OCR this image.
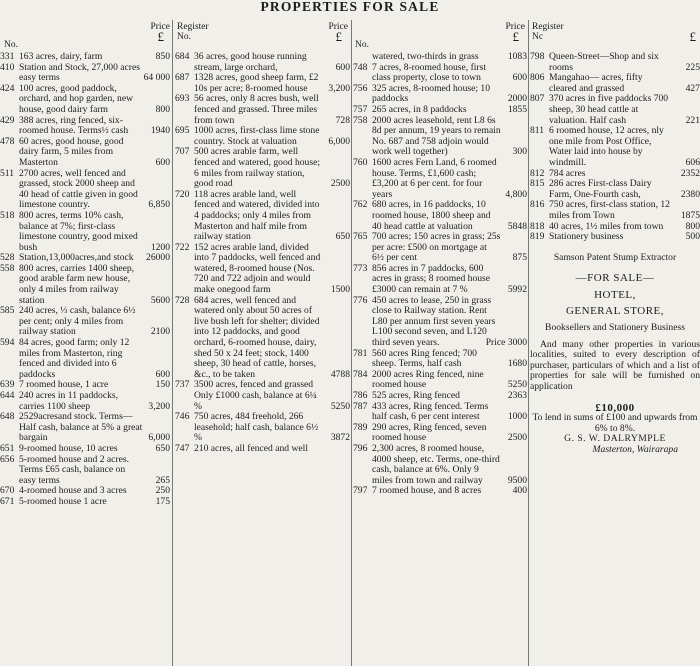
PROPERTIES FOR SALE
No.
Price
£
331 163 acres, dairy, farm	850
410 Station and Stock, 27,000 acres easy terms	64 000
424 100 acres, good paddock, orchard, and hop garden, new house, good dairy farm	800
429 388 acres, ring fenced, six-roomed house. Terms½ cash	1940
478 60 acres, good house, good dairy farm, 5 miles from Masterton	600
511 2700 acres, well fenced and grassed, stock 2000 sheep and 40 head of cattle given in good limestone country.	6,850
518 800 acres, terms 10% cash, balance at 7%; first-class limestone country, good mixed bush	1200
528 Station,13,000acres,and stock	26000
558 800 acres, carries 1400 sheep, good arable farm new house, only 4 miles from railway station	5600
585 240 acres, ⅓ cash, balance 6½ per cent; only 4 miles from railway station	2100
594 84 acres, good farm; only 12 miles from Masterton, ring fenced and divided into 6 paddocks	600
639 7 roomed house, 1 acre	150
644 240 acres in 11 paddocks, carries 1100 sheep	3,200
648 2529acresand stock. Terms—Half cash, balance at 5% a great bargain	6,000
651 9-roomed house, 10 acres	650
656 5-roomed house and 2 acres. Terms £65 cash, balance on easy terms	265
670 4-roomed house and 3 acres	250
671 5-roomed house 1 acre	175
Register
No.
Price
£
684 36 acres, good house running stream, large orchard,	600
687 1328 acres, good sheep farm, £2 10s per acre; 8-roomed house	3,200
693 56 acres, only 8 acres bush, well fenced and grassed. Three miles from town	728
695 1000 acres, first-class lime stone country. Stock at valuation	6,000
707 500 acres arable farm, well fenced and watered, good house; 6 miles from railway station, good road	2500
720 118 acres arable land, well fenced and watered, divided into 4 paddocks; only 4 miles from Masterton and half mile from railway station	650
722 152 acres arable land, divided into 7 paddocks, well fenced and watered, 8-roomed house (Nos. 720 and 722 adjoin and would make onegood farm	1500
728 684 acres, well fenced and watered only about 50 acres of live bush left for shelter; divided into 12 paddocks, and good orchard, 6-roomed house, dairy, shed 50 x 24 feet; stock, 1400 sheep, 30 head of cattle, horses, &c., to be taken	4788
737 3500 acres, fenced and grassed Only £1000 cash, balance at 6¼ %	5250
746 750 acres, 484 freehold, 266 leasehold; half cash, balance 6½ %	3872
747 210 acres, all fenced and well
No.
Price
£
watered, two-thirds in grass	1083
748 7 acres, 8-roomed house, first class property, close to town	600
756 325 acres, 8-roomed house; 10 paddocks	2000
757 265 acres, in 8 paddocks	1855
758 2000 acres leasehold, rent L8 6s 8d per annum, 19 years to remain No. 687 and 758 adjoin would work well together)	300
760 1600 acres Fern Land, 6 roomed house. Terms, £1,600 cash; £3,200 at 6 per cent. for four years	4,800
762 680 acres, in 16 paddocks, 10 roomed house, 1800 sheep and 40 head cattle at valuation	5848
765 700 acres; 150 acres in grass; 25s per acre: £500 on mortgage at 6½ per cent	875
773 856 acres in 7 paddocks, 600 acres in grass; 8 roomed house £3000 can remain at 7 %	5992
776 450 acres to lease, 250 in grass close to Railway station. Rent L80 per annum first seven years L100 second seven, and L120 third seven years.	Price 3000
781 560 acres Ring fenced; 700 sheep. Terms, half cash	1680
784 2000 acres Ring fenced, nine roomed house	5250
786 525 acres, Ring fenced	2363
787 433 acres, Ring fenced. Terms half cash, 6 per cent interest	1000
789 290 acres, Ring fenced, seven roomed house	2500
796 2,300 acres, 8 roomed house, 4000 sheep, etc. Terms, one-third cash, balance at 6%. Only 9 miles from town and railway	9500
797 7 roomed house, and 8 acres	400
Register
Nc	£
798 Queen-Street—Shop and six rooms	225
806 Mangahao— acres, fifty cleared and grassed	427
807 370 acres in five paddocks 700 sheep, 30 head cattle at valuation. Half cash	221
811 6 roomed house, 12 acres, nly one mile from Post Office, Water laid into house by windmill.	606
812 784 acres	2352
815 286 acres First-class Dairy Farm, One-Fourth cash,	2380
816 750 acres, first-class station, 12 miles from Town	1875
818 40 acres, 1½ miles from town	800
819 Stationery business	500
Samson Patent Stump Extractor
—FOR SALE—
HOTEL,
GENERAL STORE,
Booksellers and Stationery Business
And many other properties in various localities, suited to every description of purchaser, particulars of which and a list of properties for sale will be furnished on application
£10,000
To lend in sums of £100 and upwards from 6% to 8%.
G. S. W. DALRYMPLE
Masterton, Wairarapa
